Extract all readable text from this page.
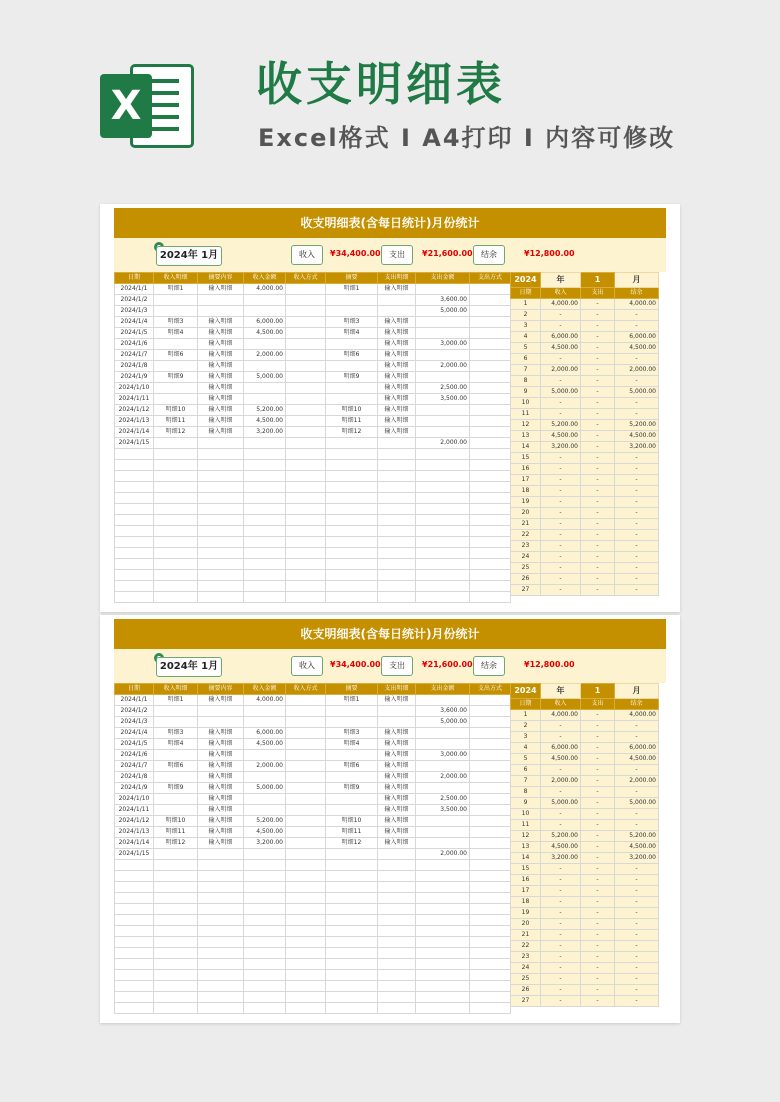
X 收支明细表
Excel格式 I A4打印 I 内容可修改
收支明细表(含每日统计)月份统计
2024年 1月	收入	¥34,400.00	支出	¥21,600.00	结余	¥12,800.00
日期	收入明细	摘要内容	收入金额	收入方式	摘要	支出明细	支出金额	支出方式
2024/1/1	明细1	输入明细	4,000.00		明细1	输入明细		
2024/1/2							3,600.00	
2024/1/3							5,000.00	
2024/1/4	明细3	输入明细	6,000.00		明细3	输入明细		
2024/1/5	明细4	输入明细	4,500.00		明细4	输入明细		
2024/1/6		输入明细				输入明细	3,000.00	
2024/1/7	明细6	输入明细	2,000.00		明细6	输入明细		
2024/1/8		输入明细				输入明细	2,000.00	
2024/1/9	明细9	输入明细	5,000.00		明细9	输入明细		
2024/1/10		输入明细				输入明细	2,500.00	
2024/1/11		输入明细				输入明细	3,500.00	
2024/1/12	明细10	输入明细	5,200.00		明细10	输入明细		
2024/1/13	明细11	输入明细	4,500.00		明细11	输入明细		
2024/1/14	明细12	输入明细	3,200.00		明细12	输入明细		
2024/1/15							2,000.00	

2024	年	1	月
日期	收入	支出	结余
1	4,000.00	-	4,000.00
2	-	-	-
3	-	-	-
4	6,000.00	-	6,000.00
5	4,500.00	-	4,500.00
6	-	-	-
7	2,000.00	-	2,000.00
8	-	-	-
9	5,000.00	-	5,000.00
10	-	-	-
11	-	-	-
12	5,200.00	-	5,200.00
13	4,500.00	-	4,500.00
14	3,200.00	-	3,200.00
15	-	-	-
16	-	-	-
17	-	-	-
18	-	-	-
19	-	-	-
20	-	-	-
21	-	-	-
22	-	-	-
23	-	-	-
24	-	-	-
25	-	-	-
26	-	-	-
27	-	-	-
收支明细表(含每日统计)月份统计
2024年 1月	收入	¥34,400.00	支出	¥21,600.00	结余	¥12,800.00
日期	收入明细	摘要内容	收入金额	收入方式	摘要	支出明细	支出金额	支出方式
2024/1/1	明细1	输入明细	4,000.00		明细1	输入明细		
2024/1/2							3,600.00	
2024/1/3							5,000.00	
2024/1/4	明细3	输入明细	6,000.00		明细3	输入明细		
2024/1/5	明细4	输入明细	4,500.00		明细4	输入明细		
2024/1/6		输入明细				输入明细	3,000.00	
2024/1/7	明细6	输入明细	2,000.00		明细6	输入明细		
2024/1/8		输入明细				输入明细	2,000.00	
2024/1/9	明细9	输入明细	5,000.00		明细9	输入明细		
2024/1/10		输入明细				输入明细	2,500.00	
2024/1/11		输入明细				输入明细	3,500.00	
2024/1/12	明细10	输入明细	5,200.00		明细10	输入明细		
2024/1/13	明细11	输入明细	4,500.00		明细11	输入明细		
2024/1/14	明细12	输入明细	3,200.00		明细12	输入明细		
2024/1/15							2,000.00	

2024	年	1	月
日期	收入	支出	结余
1	4,000.00	-	4,000.00
2	-	-	-
3	-	-	-
4	6,000.00	-	6,000.00
5	4,500.00	-	4,500.00
6	-	-	-
7	2,000.00	-	2,000.00
8	-	-	-
9	5,000.00	-	5,000.00
10	-	-	-
11	-	-	-
12	5,200.00	-	5,200.00
13	4,500.00	-	4,500.00
14	3,200.00	-	3,200.00
15	-	-	-
16	-	-	-
17	-	-	-
18	-	-	-
19	-	-	-
20	-	-	-
21	-	-	-
22	-	-	-
23	-	-	-
24	-	-	-
25	-	-	-
26	-	-	-
27	-	-	-
